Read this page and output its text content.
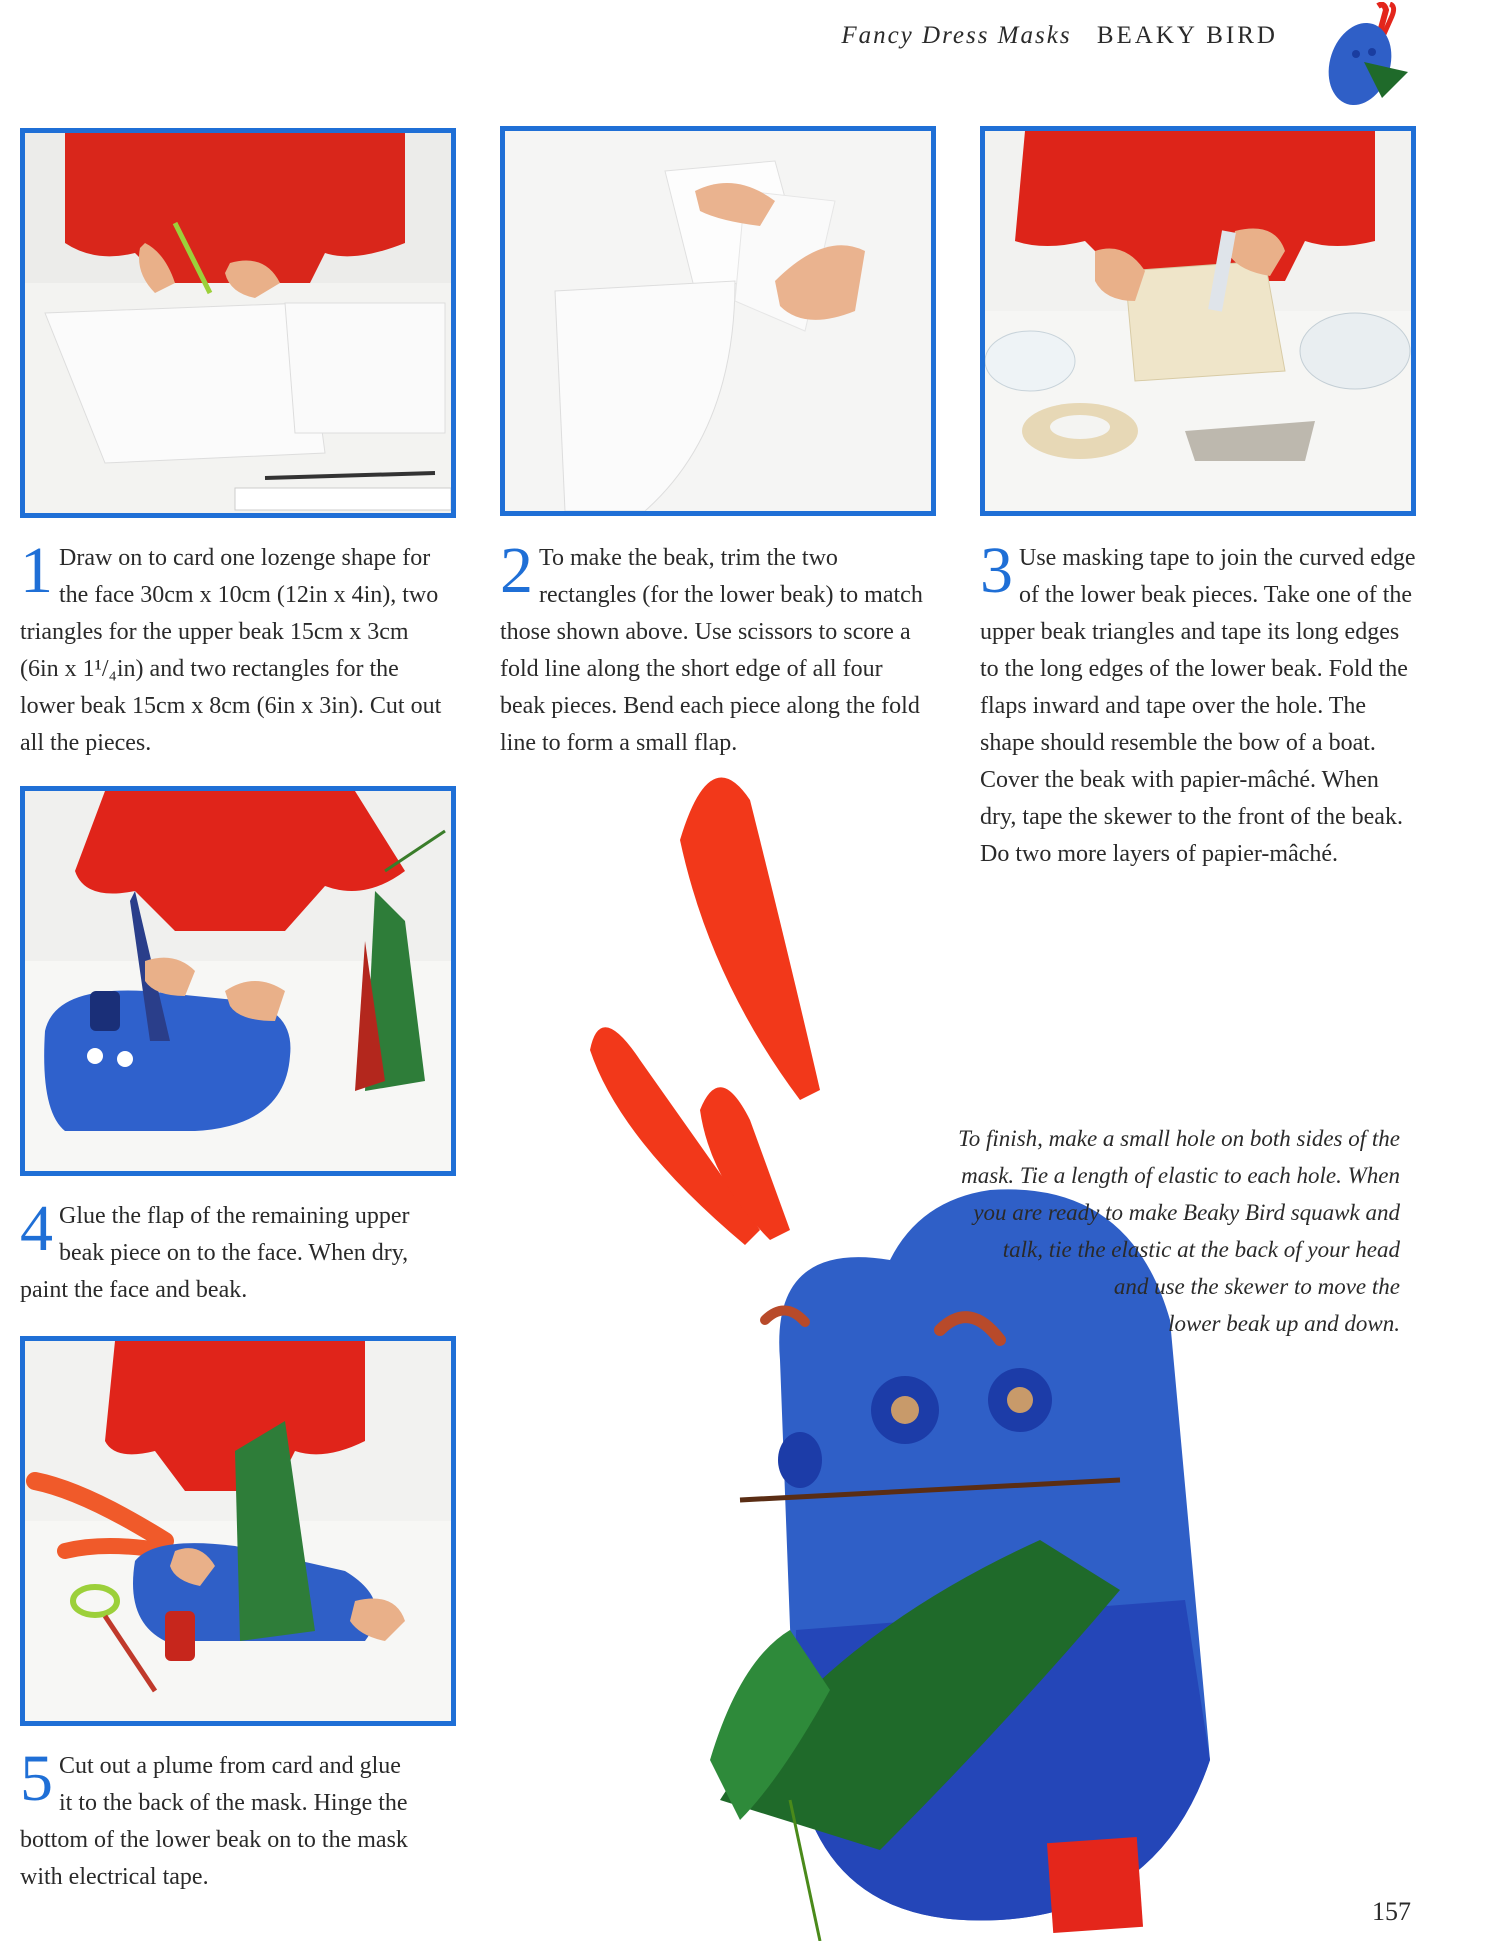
Fancy Dress Masks BEAKY BIRD
1 Draw on to card one lozenge shape for the face 30cm x 10cm (12in x 4in), two triangles for the upper beak 15cm x 3cm (6in x 1¹/₄in) and two rectangles for the lower beak 15cm x 8cm (6in x 3in). Cut out all the pieces.
2 To make the beak, trim the two rectangles (for the lower beak) to match those shown above. Use scissors to score a fold line along the short edge of all four beak pieces. Bend each piece along the fold line to form a small flap.
3 Use masking tape to join the curved edge of the lower beak pieces. Take one of the upper beak triangles and tape its long edges to the long edges of the lower beak. Fold the flaps inward and tape over the hole. The shape should resemble the bow of a boat. Cover the beak with papier-mâché. When dry, tape the skewer to the front of the beak. Do two more layers of papier-mâché.
4 Glue the flap of the remaining upper beak piece on to the face. When dry, paint the face and beak.
5 Cut out a plume from card and glue it to the back of the mask. Hinge the bottom of the lower beak on to the mask with electrical tape.
To finish, make a small hole on both sides of the
mask. Tie a length of elastic to each hole. When
you are ready to make Beaky Bird squawk and
talk, tie the elastic at the back of your head
and use the skewer to move the
lower beak up and down.
157
